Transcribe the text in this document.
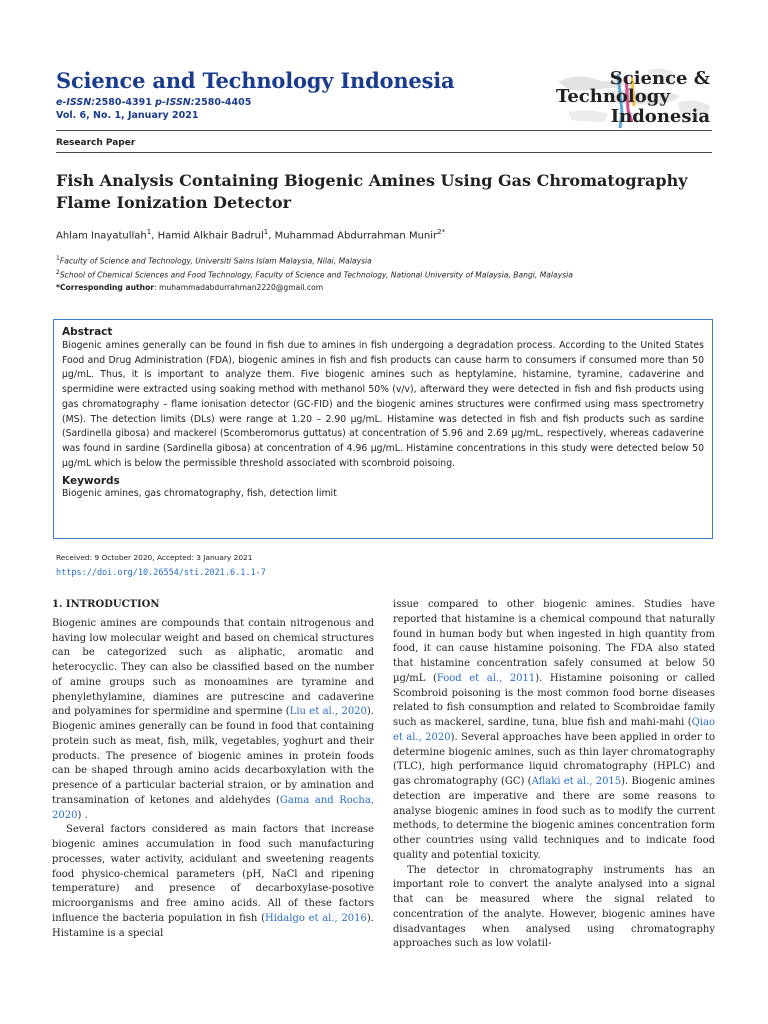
Science and Technology Indonesia
e-ISSN:2580-4391 p-ISSN:2580-4405
Vol. 6, No. 1, January 2021
Science &
Technology
Indonesia
Research Paper
Fish Analysis Containing Biogenic Amines Using Gas Chromatography Flame Ionization Detector
Ahlam Inayatullah$^1$, Hamid Alkhair Badrul$^1$, Muhammad Abdurrahman Munir$^{2*}$
$^1$Faculty of Science and Technology, Universiti Sains Islam Malaysia, Nilai, Malaysia
$^2$School of Chemical Sciences and Food Technology, Faculty of Science and Technology, National University of Malaysia, Bangi, Malaysia
*Corresponding author: muhammadabdurrahman2220@gmail.com
Abstract
Biogenic amines generally can be found in fish due to amines in fish undergoing a degradation process. According to the United States Food and Drug Administration (FDA), biogenic amines in fish and fish products can cause harm to consumers if consumed more than 50 µg/mL. Thus, it is important to analyze them. Five biogenic amines such as heptylamine, histamine, tyramine, cadaverine and spermidine were extracted using soaking method with methanol 50% (v/v), afterward they were detected in fish and fish products using gas chromatography – flame ionisation detector (GC-FID) and the biogenic amines structures were confirmed using mass spectrometry (MS). The detection limits (DLs) were range at 1.20 – 2.90 µg/mL. Histamine was detected in fish and fish products such as sardine (Sardinella gibosa) and mackerel (Scomberomorus guttatus) at concentration of 5.96 and 2.69 µg/mL, respectively, whereas cadaverine was found in sardine (Sardinella gibosa) at concentration of 4.96 µg/mL. Histamine concentrations in this study were detected below 50 µg/mL which is below the permissible threshold associated with scombroid poisoing.
Keywords
Biogenic amines, gas chromatography, fish, detection limit
Received: 9 October 2020, Accepted: 3 January 2021
https://doi.org/10.26554/sti.2021.6.1.1-7
1. INTRODUCTION

Biogenic amines are compounds that contain nitrogenous and having low molecular weight and based on chemical structures can be categorized such as aliphatic, aromatic and heterocyclic. They can also be classified based on the number of amine groups such as monoamines are tyramine and phenylethylamine, diamines are putrescine and cadaverine and polyamines for spermidine and spermine (Liu et al., 2020). Biogenic amines generally can be found in food that containing protein such as meat, fish, milk, vegetables, yoghurt and their products. The presence of biogenic amines in protein foods can be shaped through amino acids decarboxylation with the presence of a particular bacterial straion, or by amination and transamination of ketones and aldehydes (Gama and Rocha, 2020) .

Several factors considered as main factors that increase biogenic amines accumulation in food such manufacturing processes, water activity, acidulant and sweetening reagents food physico-chemical parameters (pH, NaCl and ripening temperature) and presence of decarboxylase-posotive microorganisms and free amino acids. All of these factors influence the bacteria population in fish (Hidalgo et al., 2016). Histamine is a special

issue compared to other biogenic amines. Studies have reported that histamine is a chemical compound that naturally found in human body but when ingested in high quantity from food, it can cause histamine poisoning. The FDA also stated that histamine concentration safely consumed at below 50 µg/mL (Food et al., 2011). Histamine poisoning or called Scombroid poisoning is the most common food borne diseases related to fish consumption and related to Scombroidae family such as mackerel, sardine, tuna, blue fish and mahi-mahi (Qiao et al., 2020). Several approaches have been applied in order to determine biogenic amines, such as thin layer chromatography (TLC), high performance liquid chromatography (HPLC) and gas chromatography (GC) (Aflaki et al., 2015). Biogenic amines detection are imperative and there are some reasons to analyse biogenic amines in food such as to modify the current methods, to determine the biogenic amines concentration form other countries using valid techniques and to indicate food quality and potential toxicity.

The detector in chromatography instruments has an important role to convert the analyte analysed into a signal that can be measured where the signal related to concentration of the analyte. However, biogenic amines have disadvantages when analysed using chromatography approaches such as low volatil-
